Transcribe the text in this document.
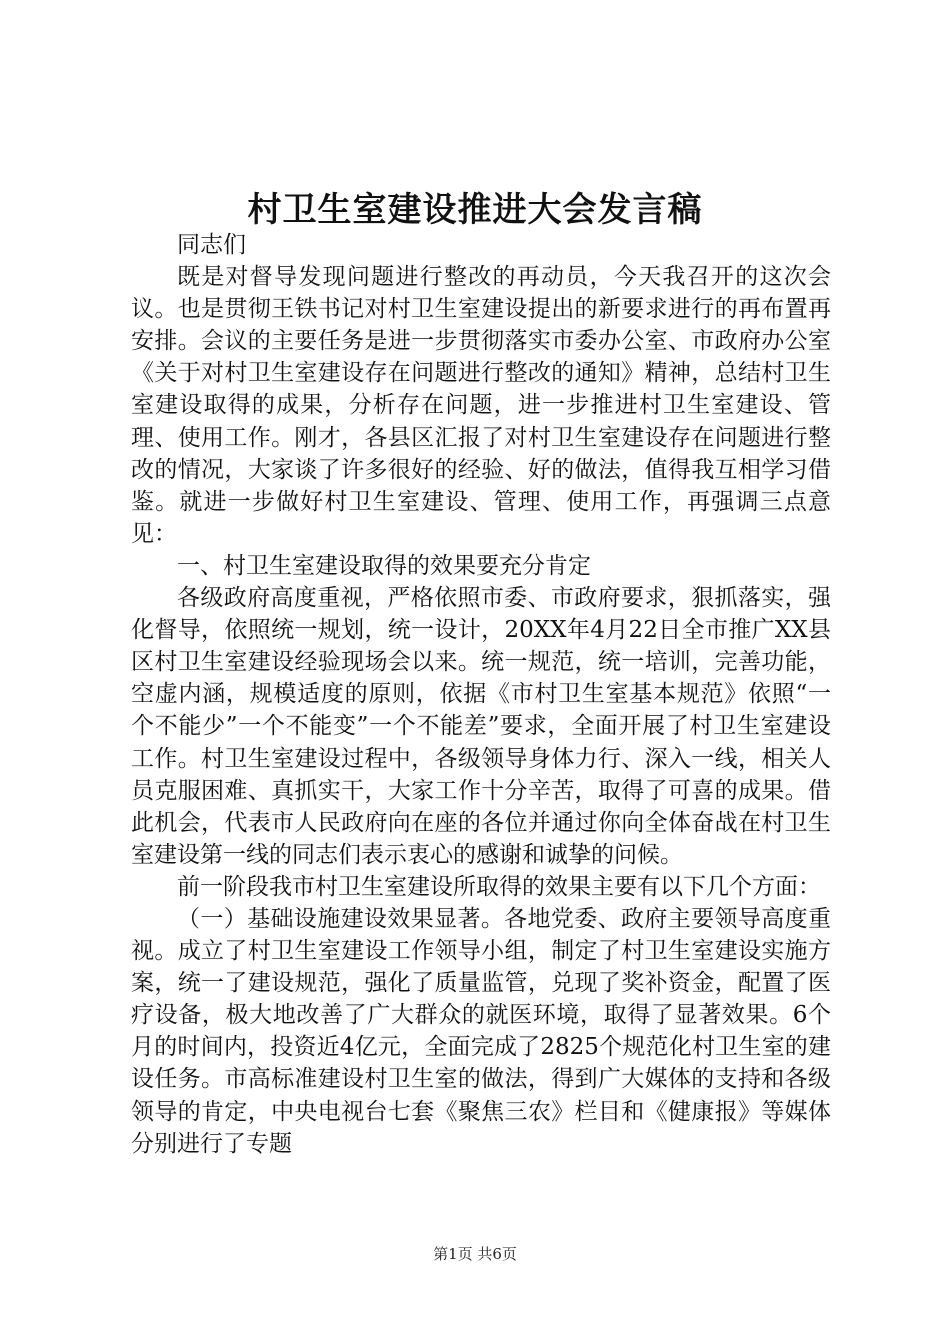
村卫生室建设推进大会发言稿

同志们

既是对督导发现问题进行整改的再动员，今天我召开的这次会议。也是贯彻王铁书记对村卫生室建设提出的新要求进行的再布置再安排。会议的主要任务是进一步贯彻落实市委办公室、市政府办公室《关于对村卫生室建设存在问题进行整改的通知》精神，总结村卫生室建设取得的成果，分析存在问题，进一步推进村卫生室建设、管理、使用工作。刚才，各县区汇报了对村卫生室建设存在问题进行整改的情况，大家谈了许多很好的经验、好的做法，值得我互相学习借鉴。就进一步做好村卫生室建设、管理、使用工作，再强调三点意见：

一、村卫生室建设取得的效果要充分肯定

各级政府高度重视，严格依照市委、市政府要求，狠抓落实，强化督导，依照统一规划，统一设计，20XX年4月22日全市推广XX县区村卫生室建设经验现场会以来。统一规范，统一培训，完善功能，空虚内涵，规模适度的原则，依据《市村卫生室基本规范》依照“一个不能少”一个不能变”一个不能差”要求，全面开展了村卫生室建设工作。村卫生室建设过程中，各级领导身体力行、深入一线，相关人员克服困难、真抓实干，大家工作十分辛苦，取得了可喜的成果。借此机会，代表市人民政府向在座的各位并通过你向全体奋战在村卫生室建设第一线的同志们表示衷心的感谢和诚挚的问候。

前一阶段我市村卫生室建设所取得的效果主要有以下几个方面：

（一）基础设施建设效果显著。各地党委、政府主要领导高度重视。成立了村卫生室建设工作领导小组，制定了村卫生室建设实施方案，统一了建设规范，强化了质量监管，兑现了奖补资金，配置了医疗设备，极大地改善了广大群众的就医环境，取得了显著效果。6个月的时间内，投资近4亿元，全面完成了2825个规范化村卫生室的建设任务。市高标准建设村卫生室的做法，得到广大媒体的支持和各级领导的肯定，中央电视台七套《聚焦三农》栏目和《健康报》等媒体分别进行了专题

第1页 共6页
